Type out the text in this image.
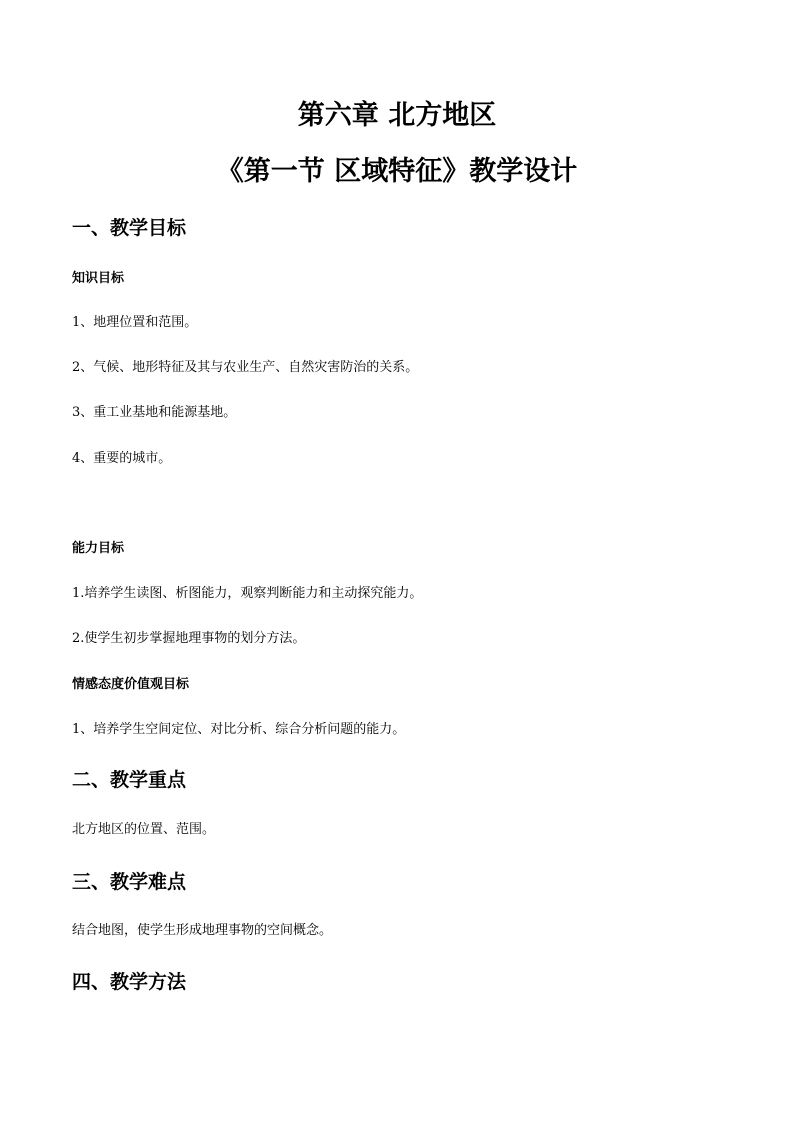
第六章 北方地区
《第一节 区域特征》教学设计
一、教学目标
知识目标
1、地理位置和范围。
2、气候、地形特征及其与农业生产、自然灾害防治的关系。
3、重工业基地和能源基地。
4、重要的城市。
能力目标
1.培养学生读图、析图能力，观察判断能力和主动探究能力。
2.使学生初步掌握地理事物的划分方法。
情感态度价值观目标
1、培养学生空间定位、对比分析、综合分析问题的能力。
二、教学重点
北方地区的位置、范围。
三、教学难点
结合地图，使学生形成地理事物的空间概念。
四、教学方法
